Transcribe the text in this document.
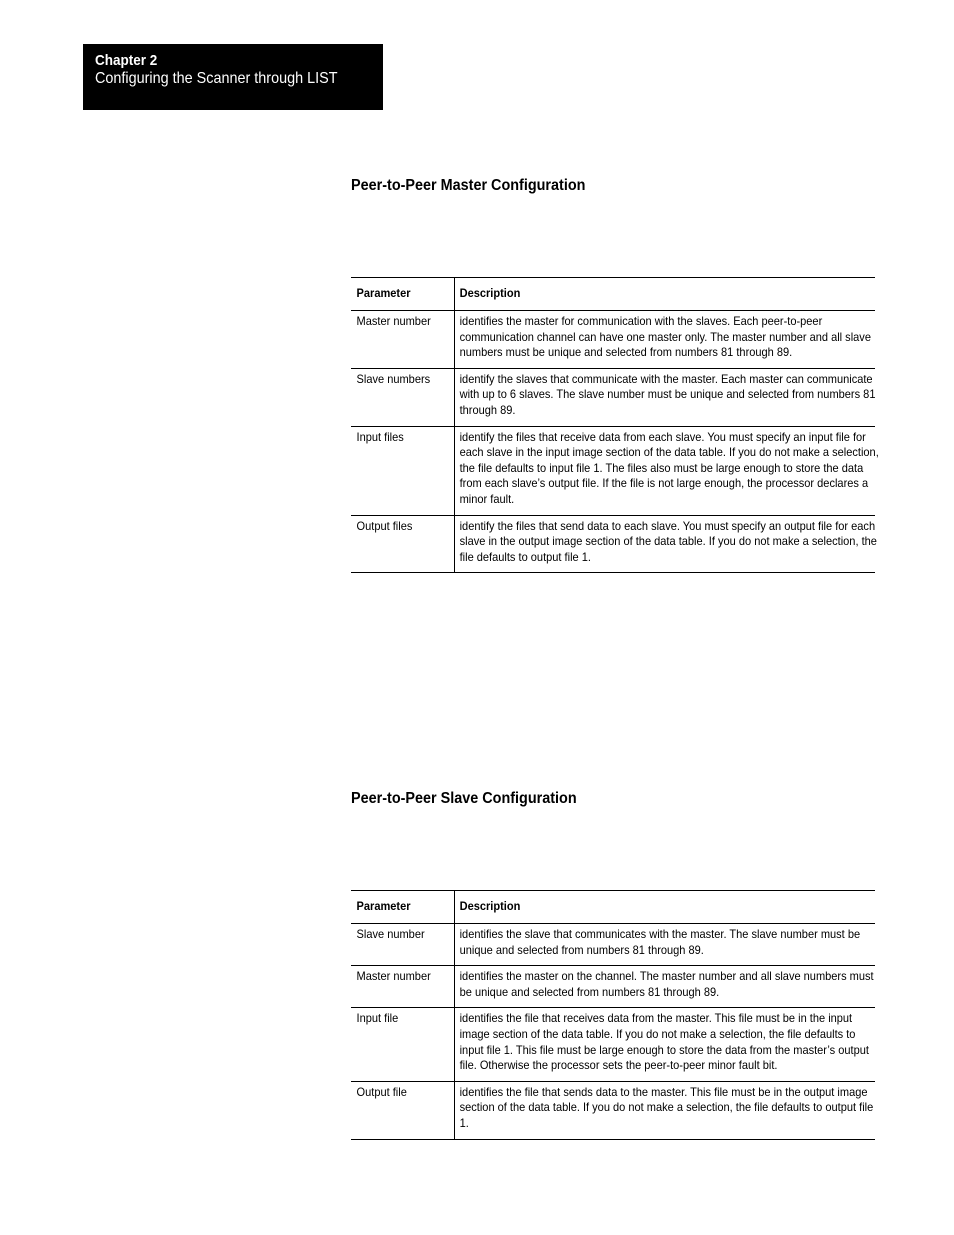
Chapter 2
Configuring the Scanner through LIST
Peer-to-Peer Master Configuration
Parameter	Description

Master number	identifies the master for communication with the slaves. Each peer-to-peer communication channel can have one master only. The master number and all slave numbers must be unique and selected from numbers 81 through 89.

Slave numbers	identify the slaves that communicate with the master. Each master can communicate with up to 6 slaves. The slave number must be unique and selected from numbers 81 through 89.

Input files	identify the files that receive data from each slave. You must specify an input file for each slave in the input image section of the data table. If you do not make a selection, the file defaults to input file 1. The files also must be large enough to store the data from each slave’s output file. If the file is not large enough, the processor declares a minor fault.

Output files	identify the files that send data to each slave. You must specify an output file for each slave in the output image section of the data table. If you do not make a selection, the file defaults to output file 1.
Peer-to-Peer Slave Configuration
Parameter	Description

Slave number	identifies the slave that communicates with the master. The slave number must be unique and selected from numbers 81 through 89.

Master number	identifies the master on the channel. The master number and all slave numbers must be unique and selected from numbers 81 through 89.

Input file	identifies the file that receives data from the master. This file must be in the input image section of the data table. If you do not make a selection, the file defaults to input file 1. This file must be large enough to store the data from the master’s output file. Otherwise the processor sets the peer-to-peer minor fault bit.

Output file	identifies the file that sends data to the master. This file must be in the output image section of the data table. If you do not make a selection, the file defaults to output file 1.
